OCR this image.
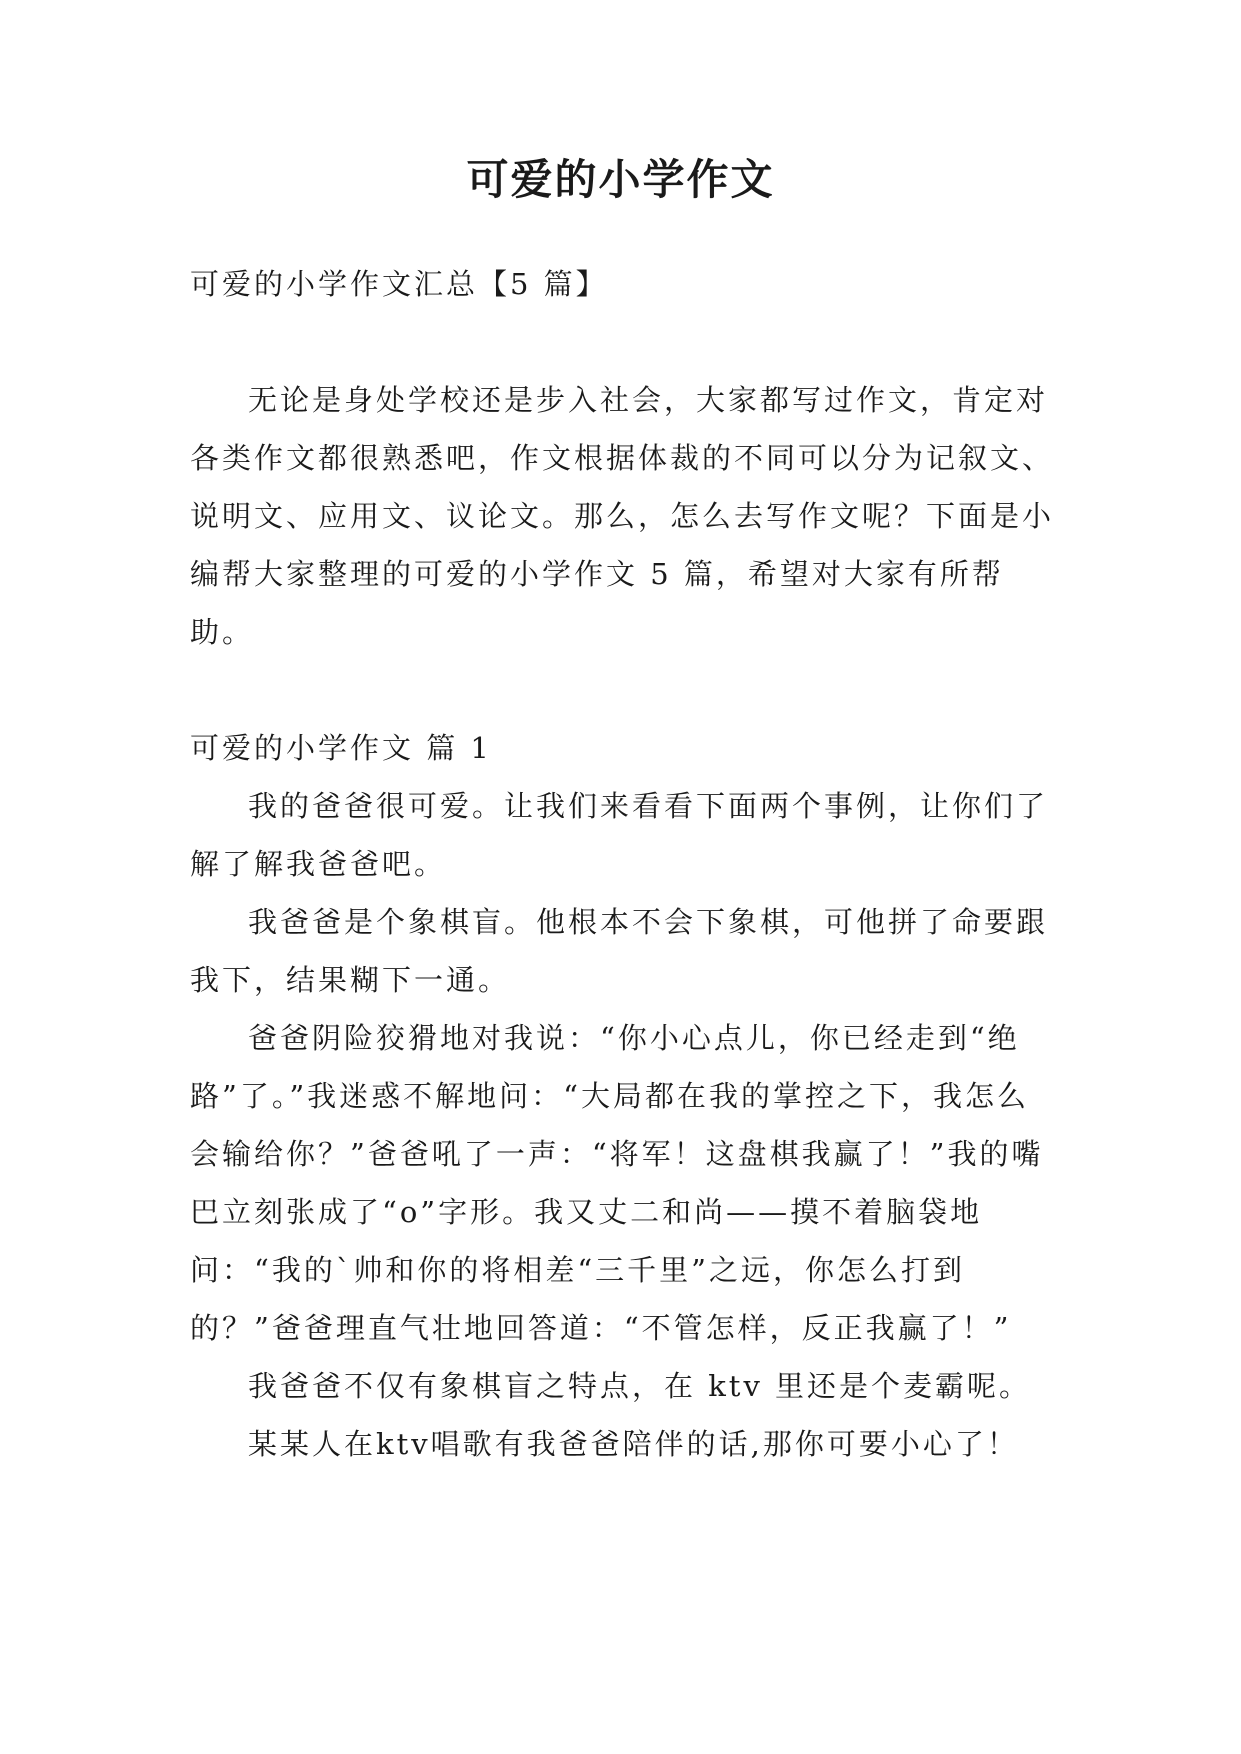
可爱的小学作文

可爱的小学作文汇总【5 篇】

无论是身处学校还是步入社会，大家都写过作文，肯定对各类作文都很熟悉吧，作文根据体裁的不同可以分为记叙文、说明文、应用文、议论文。那么，怎么去写作文呢？下面是小编帮大家整理的可爱的小学作文 5 篇，希望对大家有所帮助。

可爱的小学作文 篇 1

我的爸爸很可爱。让我们来看看下面两个事例，让你们了解了解我爸爸吧。

我爸爸是个象棋盲。他根本不会下象棋，可他拼了命要跟我下，结果糊下一通。

爸爸阴险狡猾地对我说：“你小心点儿，你已经走到“绝路”了。”我迷惑不解地问：“大局都在我的掌控之下，我怎么会输给你？”爸爸吼了一声：“将军！这盘棋我赢了！”我的嘴巴立刻张成了“o”字形。我又丈二和尚——摸不着脑袋地问：“我的`帅和你的将相差“三千里”之远，你怎么打到的？”爸爸理直气壮地回答道：“不管怎样，反正我赢了！”

我爸爸不仅有象棋盲之特点，在 ktv 里还是个麦霸呢。

某某人在ktv唱歌有我爸爸陪伴的话,那你可要小心了！
